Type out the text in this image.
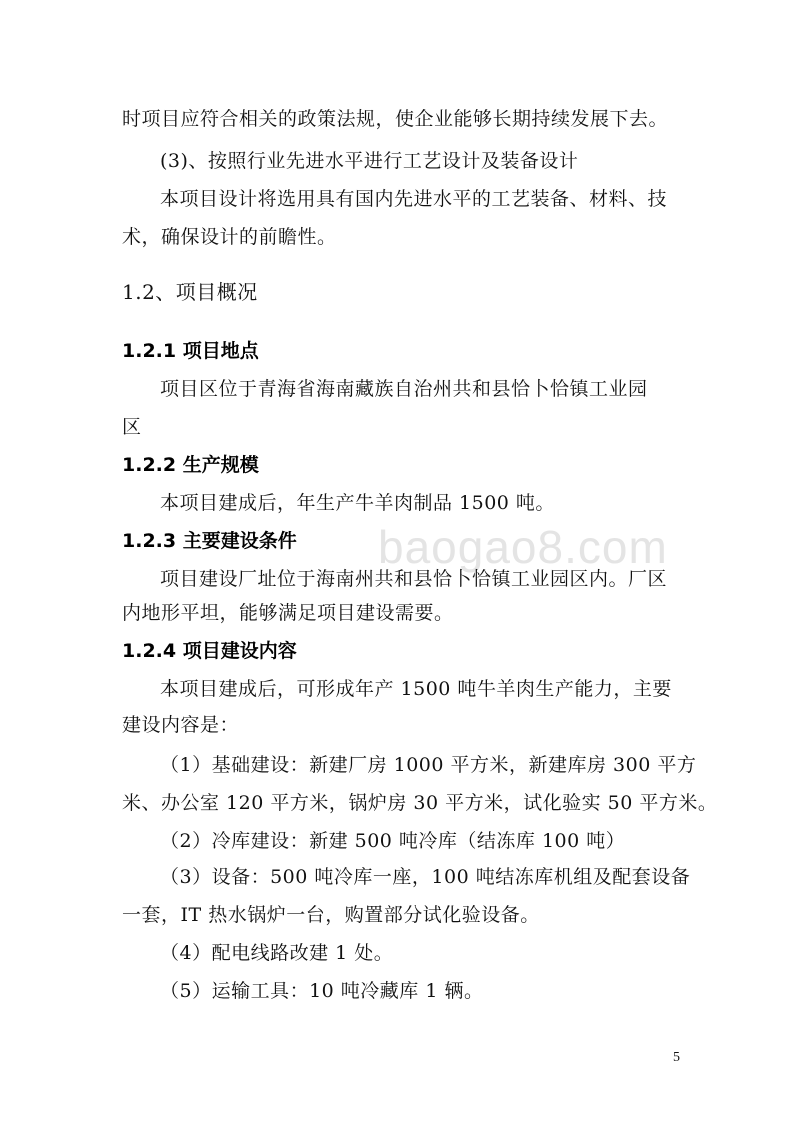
时项目应符合相关的政策法规，使企业能够长期持续发展下去。
(3)、按照行业先进水平进行工艺设计及装备设计
本项目设计将选用具有国内先进水平的工艺装备、材料、技
术，确保设计的前瞻性。
1.2、项目概况
1.2.1 项目地点
项目区位于青海省海南藏族自治州共和县恰卜恰镇工业园
区
1.2.2 生产规模
本项目建成后，年生产牛羊肉制品 1500 吨。
baogao8.com
1.2.3 主要建设条件
项目建设厂址位于海南州共和县恰卜恰镇工业园区内。厂区
内地形平坦，能够满足项目建设需要。
1.2.4 项目建设内容
本项目建成后，可形成年产 1500 吨牛羊肉生产能力，主要
建设内容是：
（1）基础建设：新建厂房 1000 平方米，新建库房 300 平方
米、办公室 120 平方米，锅炉房 30 平方米，试化验实 50 平方米。
（2）冷库建设：新建 500 吨冷库（结冻库 100 吨）
（3）设备：500 吨冷库一座，100 吨结冻库机组及配套设备
一套，IT 热水锅炉一台，购置部分试化验设备。
（4）配电线路改建 1 处。
（5）运输工具：10 吨冷藏库 1 辆。
5
